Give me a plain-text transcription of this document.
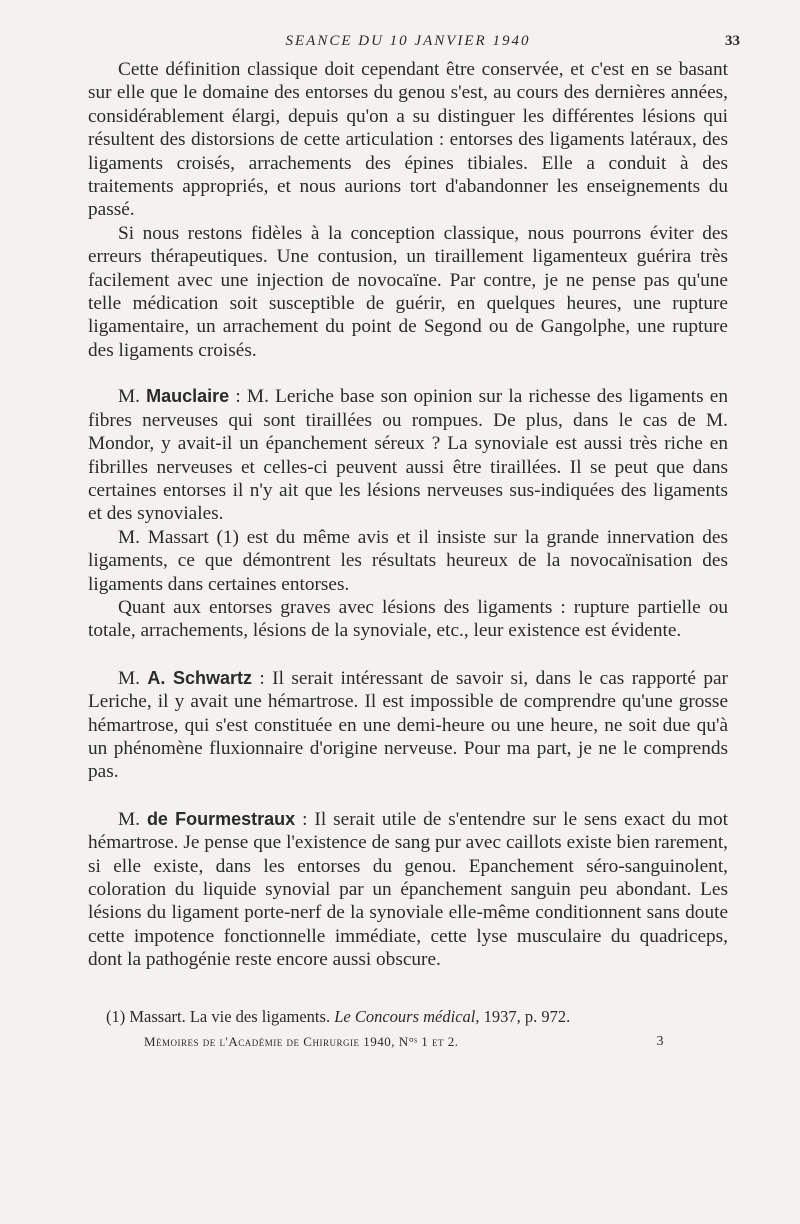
SEANCE DU 10 JANVIER 1940	33

Cette définition classique doit cependant être conservée, et c'est en se basant sur elle que le domaine des entorses du genou s'est, au cours des dernières années, considérablement élargi, depuis qu'on a su distinguer les différentes lésions qui résultent des distorsions de cette articulation : entorses des ligaments latéraux, des ligaments croisés, arrachements des épines tibiales. Elle a conduit à des traitements appropriés, et nous aurions tort d'abandonner les enseignements du passé.

Si nous restons fidèles à la conception classique, nous pourrons éviter des erreurs thérapeutiques. Une contusion, un tiraillement ligamenteux guérira très facilement avec une injection de novocaïne. Par contre, je ne pense pas qu'une telle médication soit susceptible de guérir, en quelques heures, une rupture ligamentaire, un arrachement du point de Segond ou de Gangolphe, une rupture des ligaments croisés.

M. Mauclaire : M. Leriche base son opinion sur la richesse des ligaments en fibres nerveuses qui sont tiraillées ou rompues. De plus, dans le cas de M. Mondor, y avait-il un épanchement séreux ? La synoviale est aussi très riche en fibrilles nerveuses et celles-ci peuvent aussi être tiraillées. Il se peut que dans certaines entorses il n'y ait que les lésions nerveuses sus-indiquées des ligaments et des synoviales.

M. Massart (1) est du même avis et il insiste sur la grande innervation des ligaments, ce que démontrent les résultats heureux de la novocaïnisation des ligaments dans certaines entorses.

Quant aux entorses graves avec lésions des ligaments : rupture partielle ou totale, arrachements, lésions de la synoviale, etc., leur existence est évidente.

M. A. Schwartz : Il serait intéressant de savoir si, dans le cas rapporté par Leriche, il y avait une hémartrose. Il est impossible de comprendre qu'une grosse hémartrose, qui s'est constituée en une demi-heure ou une heure, ne soit due qu'à un phénomène fluxionnaire d'origine nerveuse. Pour ma part, je ne le comprends pas.

M. de Fourmestraux : Il serait utile de s'entendre sur le sens exact du mot hémartrose. Je pense que l'existence de sang pur avec caillots existe bien rarement, si elle existe, dans les entorses du genou. Epanchement séro-sanguinolent, coloration du liquide synovial par un épanchement sanguin peu abondant. Les lésions du ligament porte-nerf de la synoviale elle-même conditionnent sans doute cette impotence fonctionnelle immédiate, cette lyse musculaire du quadriceps, dont la pathogénie reste encore aussi obscure.

(1) Massart. La vie des ligaments. Le Concours médical, 1937, p. 972.

Mémoires de l'Académie de Chirurgie 1940, N°ˢ 1 et 2.	3
